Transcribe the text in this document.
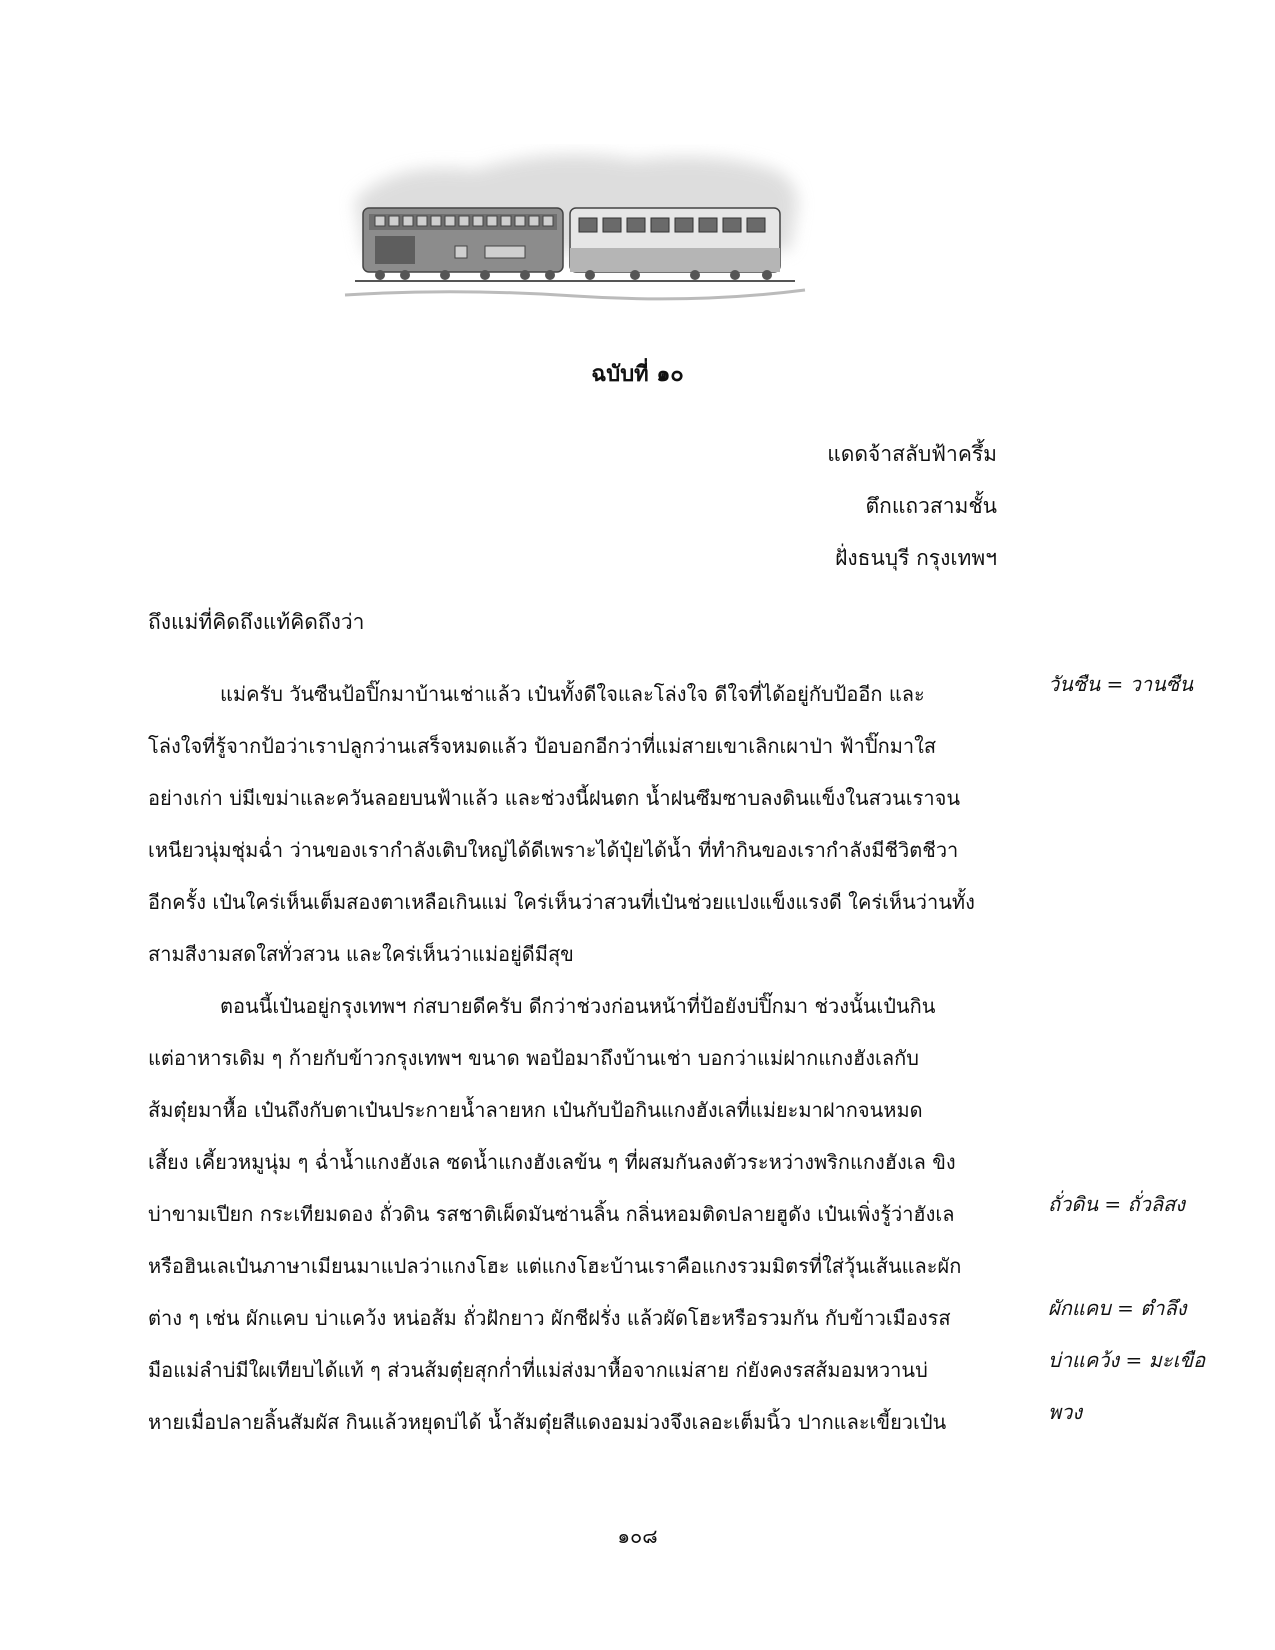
ฉบับที่ ๑๐
แดดจ้าสลับฟ้าครึ้ม
ตึกแถวสามชั้น
ฝั่งธนบุรี กรุงเทพฯ
ถึงแม่ที่คิดถึงแท้คิดถึงว่า
แม่ครับ วันซืนป้อปิ๊กมาบ้านเช่าแล้ว เป๋นทั้งดีใจและโล่งใจ ดีใจที่ได้อยู่กับป้ออีก และ
โล่งใจที่รู้จากป้อว่าเราปลูกว่านเสร็จหมดแล้ว ป้อบอกอีกว่าที่แม่สายเขาเลิกเผาป่า ฟ้าปิ๊กมาใส
อย่างเก่า บ่มีเขม่าและควันลอยบนฟ้าแล้ว และช่วงนี้ฝนตก น้ำฝนซึมซาบลงดินแข็งในสวนเราจน
เหนียวนุ่มชุ่มฉ่ำ ว่านของเรากำลังเติบใหญ่ได้ดีเพราะได้ปุ๋ยได้น้ำ ที่ทำกินของเรากำลังมีชีวิตชีวา
อีกครั้ง เป๋นใคร่เห็นเต็มสองตาเหลือเกินแม่ ใคร่เห็นว่าสวนที่เป๋นช่วยแปงแข็งแรงดี ใคร่เห็นว่านทั้ง
สามสีงามสดใสทั่วสวน และใคร่เห็นว่าแม่อยู่ดีมีสุข
ตอนนี้เป๋นอยู่กรุงเทพฯ ก่สบายดีครับ ดีกว่าช่วงก่อนหน้าที่ป้อยังบ่ปิ๊กมา ช่วงนั้นเป๋นกิน
แต่อาหารเดิม ๆ ก้ายกับข้าวกรุงเทพฯ ขนาด พอป้อมาถึงบ้านเช่า บอกว่าแม่ฝากแกงฮังเลกับ
ส้มตุ๋ยมาหื้อ เป๋นถึงกับตาเป๋นประกายน้ำลายหก เป๋นกับป้อกินแกงฮังเลที่แม่ยะมาฝากจนหมด
เสี้ยง เคี้ยวหมูนุ่ม ๆ ฉ่ำน้ำแกงฮังเล ซดน้ำแกงฮังเลข้น ๆ ที่ผสมกันลงตัวระหว่างพริกแกงฮังเล ขิง
บ่าขามเปียก กระเทียมดอง ถั่วดิน รสชาติเผ็ดมันซ่านลิ้น กลิ่นหอมติดปลายฮูดัง เป๋นเพิ่งรู้ว่าฮังเล
หรือฮินเลเป๋นภาษาเมียนมาแปลว่าแกงโฮะ แต่แกงโฮะบ้านเราคือแกงรวมมิตรที่ใส่วุ้นเส้นและผัก
ต่าง ๆ เช่น ผักแคบ บ่าแคว้ง หน่อส้ม ถั่วฝักยาว ผักชีฝรั่ง แล้วผัดโฮะหรือรวมกัน กับข้าวเมืองรส
มือแม่ลำบ่มีใผเทียบได้แท้ ๆ ส่วนส้มตุ๋ยสุกก่ำที่แม่ส่งมาหื้อจากแม่สาย ก่ยังคงรสส้มอมหวานบ่
หายเมื่อปลายลิ้นสัมผัส กินแล้วหยุดบ่ได้ น้ำส้มตุ๋ยสีแดงอมม่วงจึงเลอะเต็มนิ้ว ปากและเขี้ยวเป๋น
วันซืน = วานซืน
ถั่วดิน = ถั่วลิสง
ผักแคบ = ตำลึง
บ่าแคว้ง = มะเขือ
พวง
๑๐๘
